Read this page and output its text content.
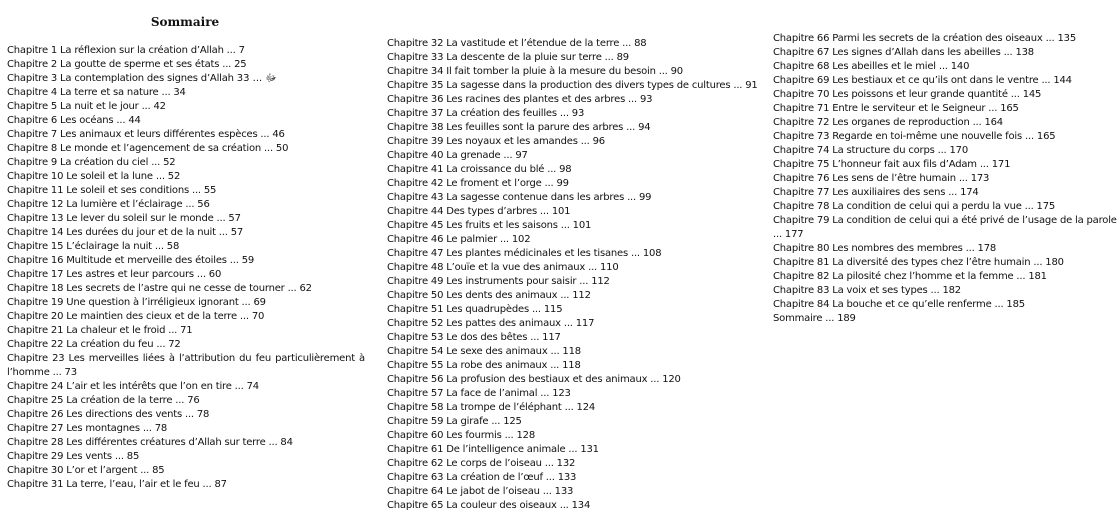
Sommaire
Chapitre 1 La réflexion sur la création d’Allah ... 7
Chapitre 2 La goutte de sperme et ses états ... 25
Chapitre 3 La contemplation des signes d’Allah ﷻ ... 33
Chapitre 4 La terre et sa nature ... 34
Chapitre 5 La nuit et le jour ... 42
Chapitre 6 Les océans ... 44
Chapitre 7 Les animaux et leurs différentes espèces ... 46
Chapitre 8 Le monde et l’agencement de sa création ... 50
Chapitre 9 La création du ciel ... 52
Chapitre 10 Le soleil et la lune ... 52
Chapitre 11 Le soleil et ses conditions ... 55
Chapitre 12 La lumière et l’éclairage ... 56
Chapitre 13 Le lever du soleil sur le monde ... 57
Chapitre 14 Les durées du jour et de la nuit ... 57
Chapitre 15 L’éclairage la nuit ... 58
Chapitre 16 Multitude et merveille des étoiles ... 59
Chapitre 17 Les astres et leur parcours ... 60
Chapitre 18 Les secrets de l’astre qui ne cesse de tourner ... 62
Chapitre 19 Une question à l’irréligieux ignorant ... 69
Chapitre 20 Le maintien des cieux et de la terre ... 70
Chapitre 21 La chaleur et le froid ... 71
Chapitre 22 La création du feu ... 72
Chapitre 23 Les merveilles liées à l’attribution du feu particulièrement à l’homme ... 73
Chapitre 24 L’air et les intérêts que l’on en tire ... 74
Chapitre 25 La création de la terre ... 76
Chapitre 26 Les directions des vents ... 78
Chapitre 27 Les montagnes ... 78
Chapitre 28 Les différentes créatures d’Allah sur terre ... 84
Chapitre 29 Les vents ... 85
Chapitre 30 L’or et l’argent ... 85
Chapitre 31 La terre, l’eau, l’air et le feu ... 87
Chapitre 32 La vastitude et l’étendue de la terre ... 88
Chapitre 33 La descente de la pluie sur terre ... 89
Chapitre 34 Il fait tomber la pluie à la mesure du besoin ... 90
Chapitre 35 La sagesse dans la production des divers types de cultures ... 91
Chapitre 36 Les racines des plantes et des arbres ... 93
Chapitre 37 La création des feuilles ... 93
Chapitre 38 Les feuilles sont la parure des arbres ... 94
Chapitre 39 Les noyaux et les amandes ... 96
Chapitre 40 La grenade ... 97
Chapitre 41 La croissance du blé ... 98
Chapitre 42 Le froment et l’orge ... 99
Chapitre 43 La sagesse contenue dans les arbres ... 99
Chapitre 44 Des types d’arbres ... 101
Chapitre 45 Les fruits et les saisons ... 101
Chapitre 46 Le palmier ... 102
Chapitre 47 Les plantes médicinales et les tisanes ... 108
Chapitre 48 L’ouïe et la vue des animaux ... 110
Chapitre 49 Les instruments pour saisir ... 112
Chapitre 50 Les dents des animaux ... 112
Chapitre 51 Les quadrupèdes ... 115
Chapitre 52 Les pattes des animaux ... 117
Chapitre 53 Le dos des bêtes ... 117
Chapitre 54 Le sexe des animaux ... 118
Chapitre 55 La robe des animaux ... 118
Chapitre 56 La profusion des bestiaux et des animaux ... 120
Chapitre 57 La face de l’animal ... 123
Chapitre 58 La trompe de l’éléphant ... 124
Chapitre 59 La girafe ... 125
Chapitre 60 Les fourmis ... 128
Chapitre 61 De l’intelligence animale ... 131
Chapitre 62 Le corps de l’oiseau ... 132
Chapitre 63 La création de l’œuf ... 133
Chapitre 64 Le jabot de l’oiseau ... 133
Chapitre 65 La couleur des oiseaux ... 134
Chapitre 66 Parmi les secrets de la création des oiseaux ... 135
Chapitre 67 Les signes d’Allah dans les abeilles ... 138
Chapitre 68 Les abeilles et le miel ... 140
Chapitre 69 Les bestiaux et ce qu’ils ont dans le ventre ... 144
Chapitre 70 Les poissons et leur grande quantité ... 145
Chapitre 71 Entre le serviteur et le Seigneur ... 165
Chapitre 72 Les organes de reproduction ... 164
Chapitre 73 Regarde en toi-même une nouvelle fois ... 165
Chapitre 74 La structure du corps ... 170
Chapitre 75 L’honneur fait aux fils d’Adam ... 171
Chapitre 76 Les sens de l’être humain ... 173
Chapitre 77 Les auxiliaires des sens ... 174
Chapitre 78 La condition de celui qui a perdu la vue ... 175
Chapitre 79 La condition de celui qui a été privé de l’usage de la parole ... 177
Chapitre 80 Les nombres des membres ... 178
Chapitre 81 La diversité des types chez l’être humain ... 180
Chapitre 82 La pilosité chez l’homme et la femme ... 181
Chapitre 83 La voix et ses types ... 182
Chapitre 84 La bouche et ce qu’elle renferme ... 185
Sommaire ... 189
